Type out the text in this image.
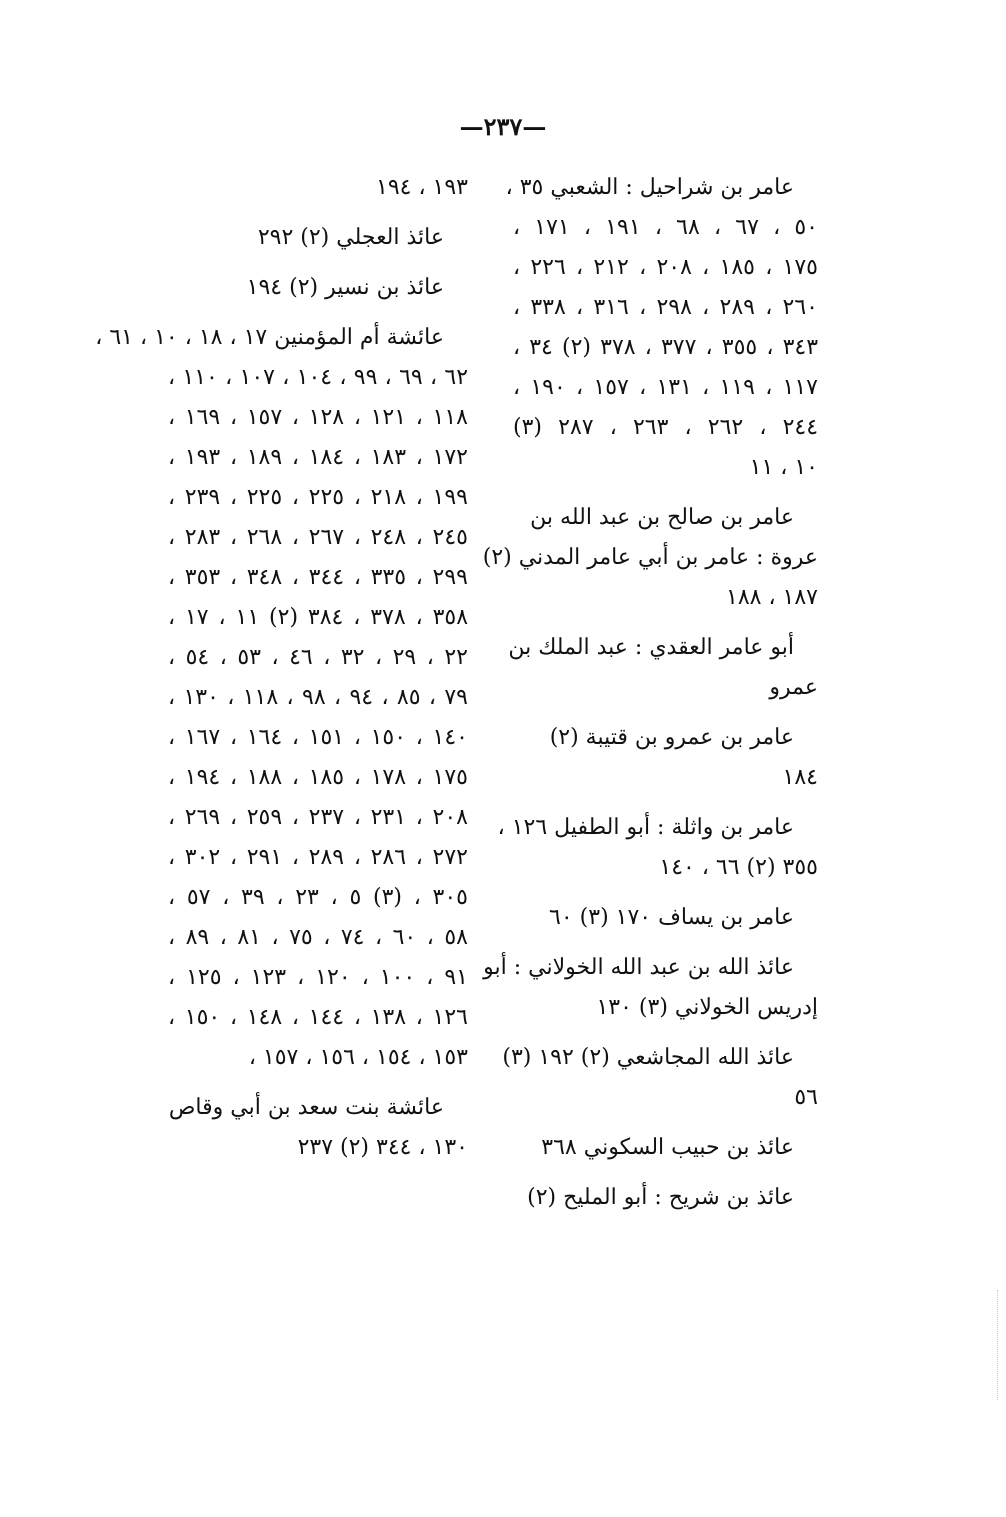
—٢٣٧—
عامر بن شراحيل : الشعبي ٣٥ ،
٥٠ ، ٦٧ ، ٦٨ ، ١٩١ ، ١٧١ ،
١٧٥ ، ١٨٥ ، ٢٠٨ ، ٢١٢ ، ٢٢٦ ،
٢٦٠ ، ٢٨٩ ، ٢٩٨ ، ٣١٦ ، ٣٣٨ ،
٣٤٣ ، ٣٥٥ ، ٣٧٧ ، ٣٧٨ (٢) ٣٤ ،
١١٧ ، ١١٩ ، ١٣١ ، ١٥٧ ، ١٩٠ ،
٢٤٤ ، ٢٦٢ ، ٢٦٣ ، ٢٨٧ (٣)
١٠ ، ١١
عامر بن صالح بن عبد الله بن
عروة : عامر بن أبي عامر المدني (٢)
١٨٧ ، ١٨٨
أبو عامر العقدي : عبد الملك بن
عمرو
عامر بن عمرو بن قتيبة (٢)
١٨٤
عامر بن واثلة : أبو الطفيل ١٢٦ ،
٣٥٥ (٢) ٦٦ ، ١٤٠
عامر بن يساف ١٧٠ (٣) ٦٠
عائذ الله بن عبد الله الخولاني : أبو
إدريس الخولاني (٣) ١٣٠
عائذ الله المجاشعي (٢) ١٩٢ (٣)
٥٦
عائذ بن حبيب السكوني ٣٦٨
عائذ بن شريح : أبو المليح (٢)
١٩٣ ، ١٩٤
عائذ العجلي (٢) ٢٩٢
عائذ بن نسير (٢) ١٩٤
عائشة أم المؤمنين ١٧ ، ١٨ ، ١٠ ، ٦١ ،
٦٢ ، ٦٩ ، ٩٩ ، ١٠٤ ، ١٠٧ ، ١١٠ ،
١١٨ ، ١٢١ ، ١٢٨ ، ١٥٧ ، ١٦٩ ،
١٧٢ ، ١٨٣ ، ١٨٤ ، ١٨٩ ، ١٩٣ ،
١٩٩ ، ٢١٨ ، ٢٢٥ ، ٢٢٥ ، ٢٣٩ ،
٢٤٥ ، ٢٤٨ ، ٢٦٧ ، ٢٦٨ ، ٢٨٣ ،
٢٩٩ ، ٣٣٥ ، ٣٤٤ ، ٣٤٨ ، ٣٥٣ ،
٣٥٨ ، ٣٧٨ ، ٣٨٤ (٢) ١١ ، ١٧ ،
٢٢ ، ٢٩ ، ٣٢ ، ٤٦ ، ٥٣ ، ٥٤ ،
٧٩ ، ٨٥ ، ٩٤ ، ٩٨ ، ١١٨ ، ١٣٠ ،
١٤٠ ، ١٥٠ ، ١٥١ ، ١٦٤ ، ١٦٧ ،
١٧٥ ، ١٧٨ ، ١٨٥ ، ١٨٨ ، ١٩٤ ،
٢٠٨ ، ٢٣١ ، ٢٣٧ ، ٢٥٩ ، ٢٦٩ ،
٢٧٢ ، ٢٨٦ ، ٢٨٩ ، ٢٩١ ، ٣٠٢ ،
٣٠٥ ، (٣) ٥ ، ٢٣ ، ٣٩ ، ٥٧ ،
٥٨ ، ٦٠ ، ٧٤ ، ٧٥ ، ٨١ ، ٨٩ ،
٩١ ، ١٠٠ ، ١٢٠ ، ١٢٣ ، ١٢٥ ،
١٢٦ ، ١٣٨ ، ١٤٤ ، ١٤٨ ، ١٥٠ ،
١٥٣ ، ١٥٤ ، ١٥٦ ، ١٥٧ ،
عائشة بنت سعد بن أبي وقاص
١٣٠ ، ٣٤٤ (٢) ٢٣٧
